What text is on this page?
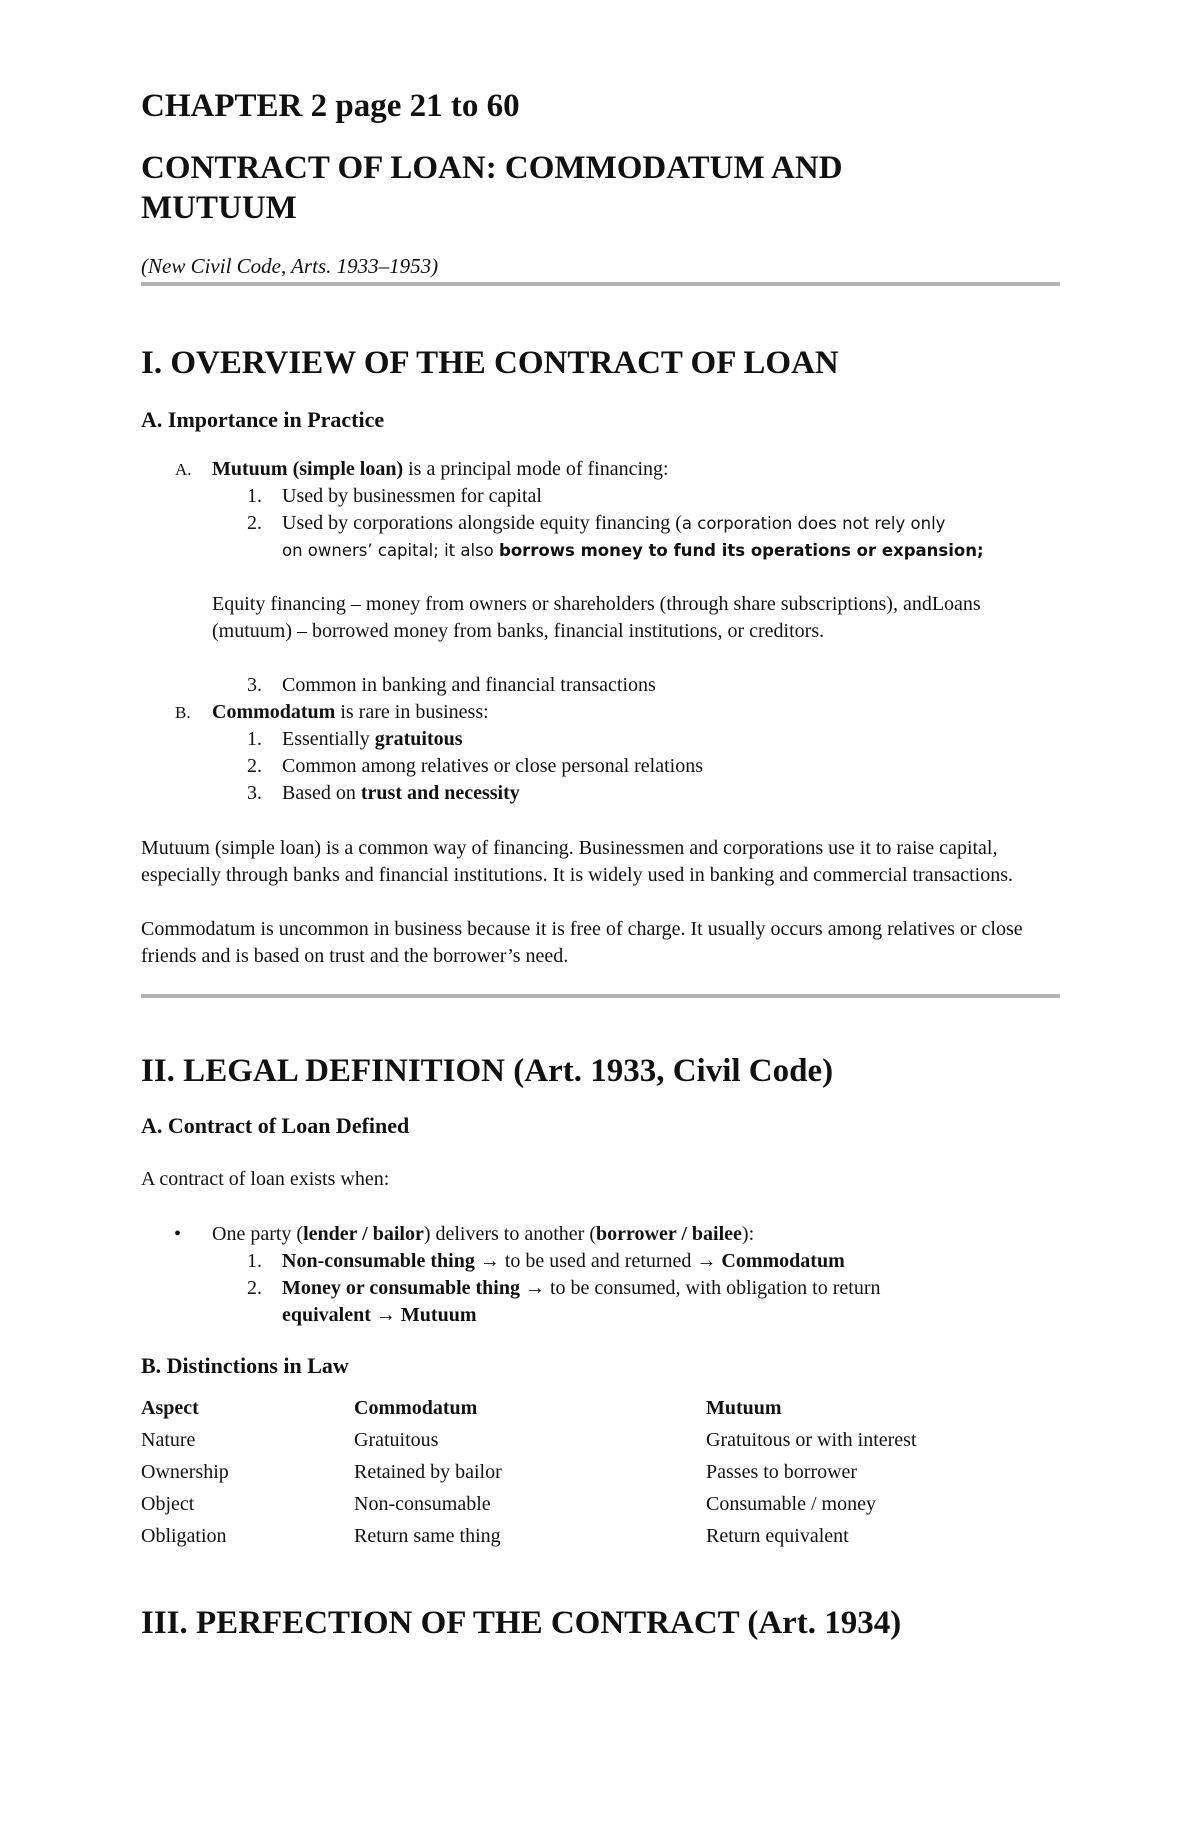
CHAPTER 2 page 21 to 60
CONTRACT OF LOAN: COMMODATUM AND MUTUUM
(New Civil Code, Arts. 1933–1953)
I. OVERVIEW OF THE CONTRACT OF LOAN
A. Importance in Practice
A. Mutuum (simple loan) is a principal mode of financing:
1. Used by businessmen for capital
2. Used by corporations alongside equity financing (a corporation does not rely only
on owners’ capital; it also borrows money to fund its operations or expansion;

Equity financing – money from owners or shareholders (through share subscriptions), andLoans (mutuum) – borrowed money from banks, financial institutions, or creditors.

3. Common in banking and financial transactions
B. Commodatum is rare in business:
1. Essentially gratuitous
2. Common among relatives or close personal relations
3. Based on trust and necessity

Mutuum (simple loan) is a common way of financing. Businessmen and corporations use it to raise capital, especially through banks and financial institutions. It is widely used in banking and commercial transactions.

Commodatum is uncommon in business because it is free of charge. It usually occurs among relatives or close friends and is based on trust and the borrower’s need.

II. LEGAL DEFINITION (Art. 1933, Civil Code)
A. Contract of Loan Defined

A contract of loan exists when:

• One party (lender / bailor) delivers to another (borrower / bailee):
1. Non-consumable thing → to be used and returned → Commodatum
2. Money or consumable thing → to be consumed, with obligation to return
equivalent → Mutuum
B. Distinctions in Law
Aspect	Commodatum	Mutuum
Nature	Gratuitous	Gratuitous or with interest
Ownership	Retained by bailor	Passes to borrower
Object	Non-consumable	Consumable / money
Obligation	Return same thing	Return equivalent
III. PERFECTION OF THE CONTRACT (Art. 1934)
